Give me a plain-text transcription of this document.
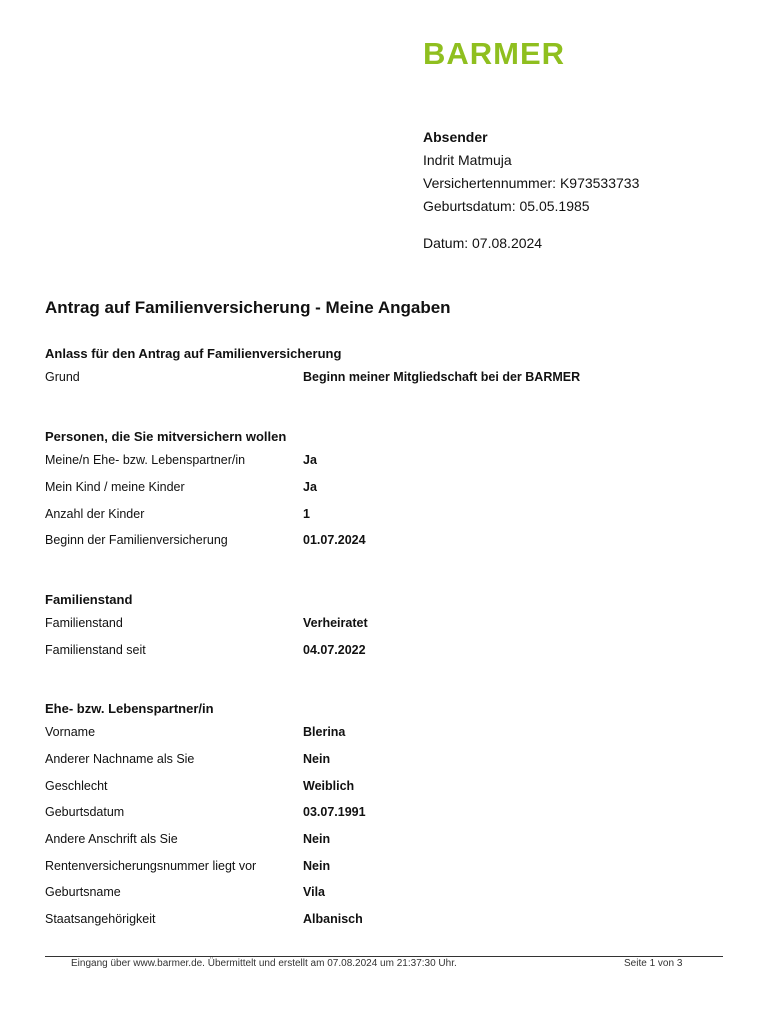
BARMER
Absender
Indrit Matmuja
Versichertennummer: K973533733
Geburtsdatum: 05.05.1985
Datum: 07.08.2024
Antrag auf Familienversicherung - Meine Angaben
Anlass für den Antrag auf Familienversicherung
Grund	Beginn meiner Mitgliedschaft bei der BARMER
Personen, die Sie mitversichern wollen
Meine/n Ehe- bzw. Lebenspartner/in	Ja
Mein Kind / meine Kinder	Ja
Anzahl der Kinder	1
Beginn der Familienversicherung	01.07.2024
Familienstand
Familienstand	Verheiratet
Familienstand seit	04.07.2022
Ehe- bzw. Lebenspartner/in
Vorname	Blerina
Anderer Nachname als Sie	Nein
Geschlecht	Weiblich
Geburtsdatum	03.07.1991
Andere Anschrift als Sie	Nein
Rentenversicherungsnummer liegt vor	Nein
Geburtsname	Vila
Staatsangehörigkeit	Albanisch
Eingang über www.barmer.de. Übermittelt und erstellt am 07.08.2024 um 21:37:30 Uhr.	Seite 1 von 3
